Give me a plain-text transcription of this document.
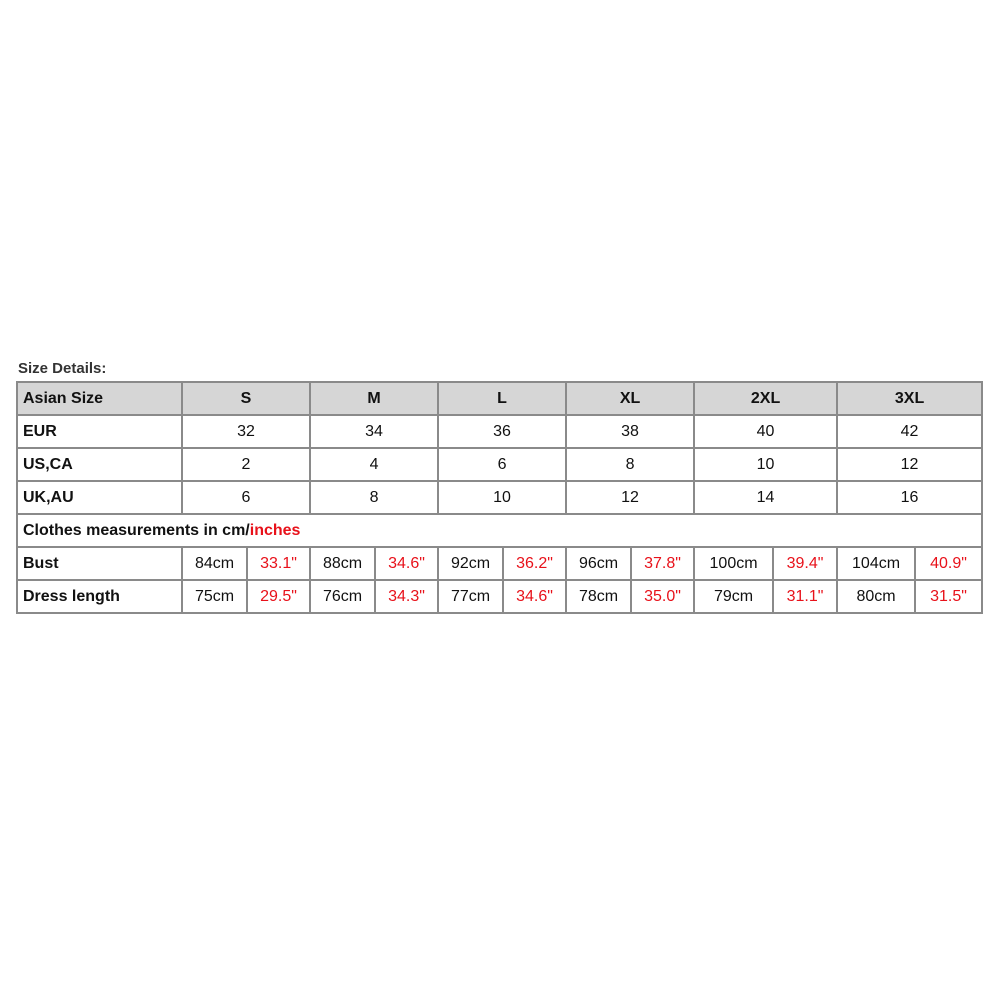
Size Details:
Asian Size	S		M		L		XL		2XL		3XL	
EUR	32		34		36		38		40		42	
US,CA	2		4		6		8		10		12	
UK,AU	6		8		10		12		14		16	
Clothes measurements in cm/inches												
Bust	84cm	33.1"	88cm	34.6"	92cm	36.2"	96cm	37.8"	100cm	39.4"	104cm	40.9"
Dress length	75cm	29.5"	76cm	34.3"	77cm	34.6"	78cm	35.0"	79cm	31.1"	80cm	31.5"
